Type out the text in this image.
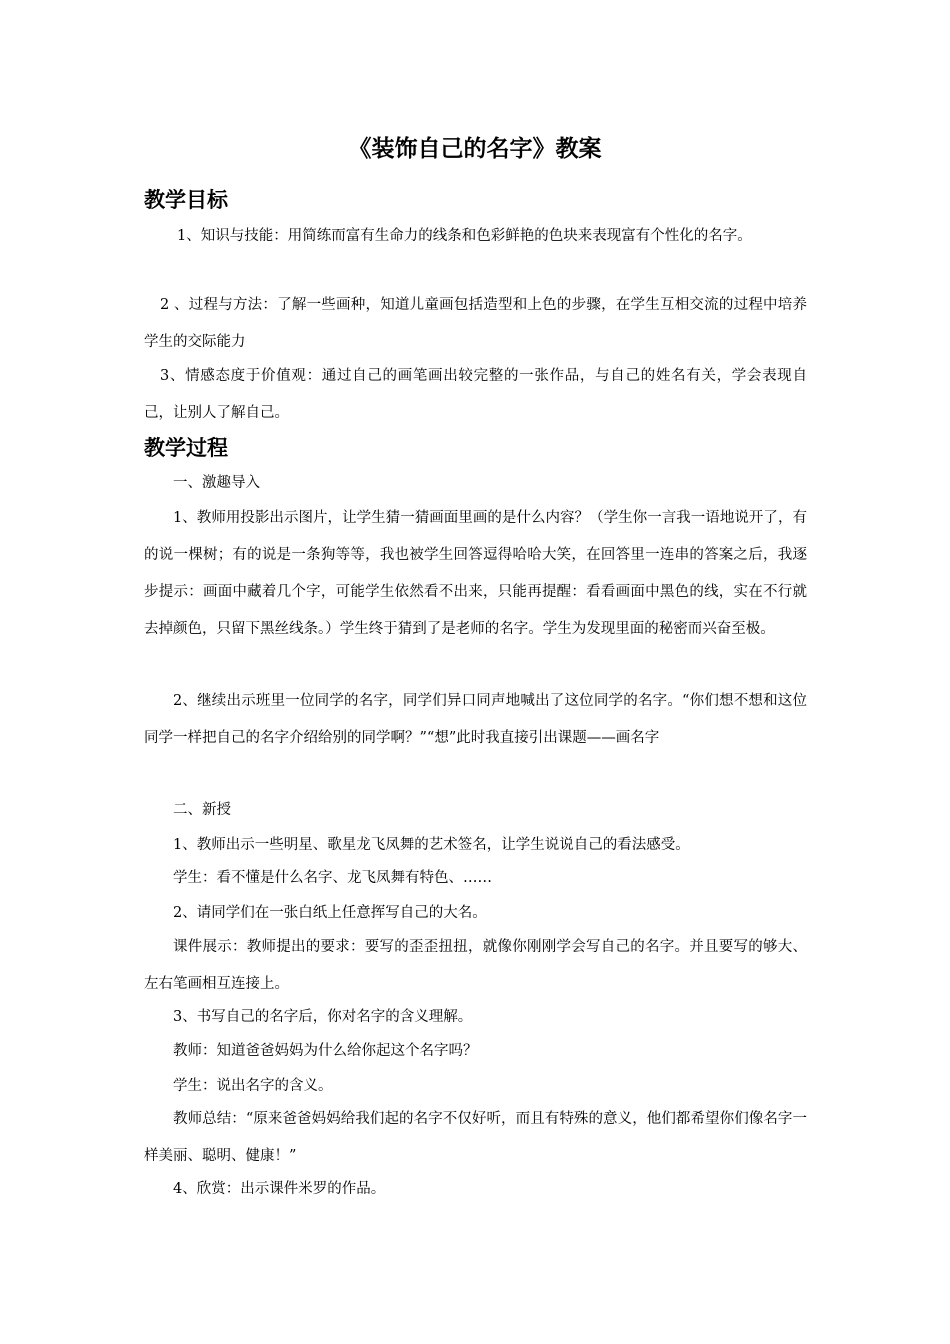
《装饰自己的名字》教案
教学目标

1、知识与技能：用简练而富有生命力的线条和色彩鲜艳的色块来表现富有个性化的名字。

2 、过程与方法：了解一些画种，知道儿童画包括造型和上色的步骤，在学生互相交流的过程中培养学生的交际能力

3、情感态度于价值观：通过自己的画笔画出较完整的一张作品，与自己的姓名有关，学会表现自己，让别人了解自己。

教学过程

一、激趣导入

1、教师用投影出示图片，让学生猜一猜画面里画的是什么内容？（学生你一言我一语地说开了，有的说一棵树；有的说是一条狗等等，我也被学生回答逗得哈哈大笑，在回答里一连串的答案之后，我逐步提示：画面中藏着几个字，可能学生依然看不出来，只能再提醒：看看画面中黑色的线，实在不行就去掉颜色，只留下黑丝线条。）学生终于猜到了是老师的名字。学生为发现里面的秘密而兴奋至极。

2、继续出示班里一位同学的名字，同学们异口同声地喊出了这位同学的名字。“你们想不想和这位同学一样把自己的名字介绍给别的同学啊？”“想”此时我直接引出课题——画名字

二、新授

1、教师出示一些明星、歌星龙飞凤舞的艺术签名，让学生说说自己的看法感受。

学生：看不懂是什么名字、龙飞凤舞有特色、……

2、请同学们在一张白纸上任意挥写自己的大名。

课件展示：教师提出的要求：要写的歪歪扭扭，就像你刚刚学会写自己的名字。并且要写的够大、左右笔画相互连接上。

3、书写自己的名字后，你对名字的含义理解。

教师：知道爸爸妈妈为什么给你起这个名字吗？

学生：说出名字的含义。

教师总结：“原来爸爸妈妈给我们起的名字不仅好听，而且有特殊的意义，他们都希望你们像名字一样美丽、聪明、健康！”

4、欣赏：出示课件米罗的作品。
